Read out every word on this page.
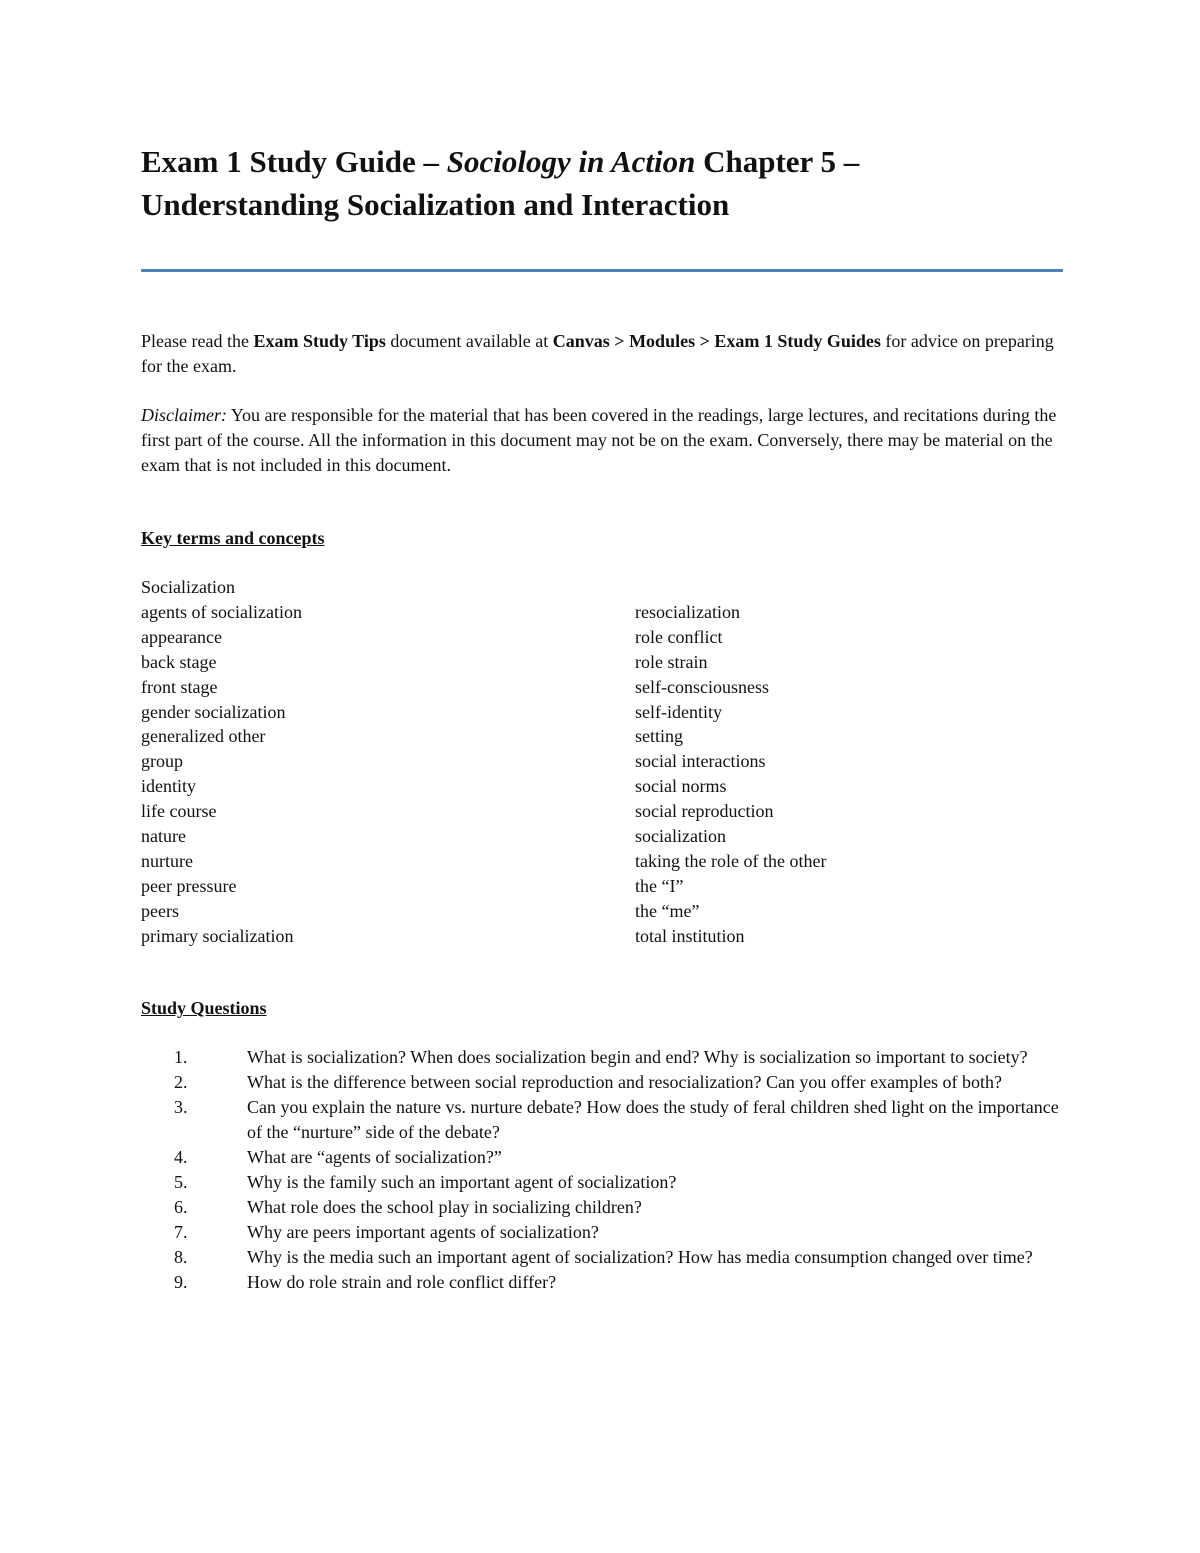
Exam 1 Study Guide – Sociology in Action Chapter 5 – Understanding Socialization and Interaction

Please read the Exam Study Tips document available at Canvas > Modules > Exam 1 Study Guides for advice on preparing for the exam.

Disclaimer: You are responsible for the material that has been covered in the readings, large lectures, and recitations during the first part of the course. All the information in this document may not be on the exam. Conversely, there may be material on the exam that is not included in this document.

Key terms and concepts
Socialization
agents of socialization
appearance
back stage
front stage
gender socialization
generalized other
group
identity
life course
nature
nurture
peer pressure
peers
primary socialization
resocialization
role conflict
role strain
self-consciousness
self-identity
setting
social interactions
social norms
social reproduction
socialization
taking the role of the other
the “I”
the “me”
total institution
Study Questions
1.	What is socialization? When does socialization begin and end? Why is socialization so important to society?
2.	What is the difference between social reproduction and resocialization? Can you offer examples of both?
3.	Can you explain the nature vs. nurture debate? How does the study of feral children shed light on the importance of the “nurture” side of the debate?
4.	What are “agents of socialization?”
5.	Why is the family such an important agent of socialization?
6.	What role does the school play in socializing children?
7.	Why are peers important agents of socialization?
8.	Why is the media such an important agent of socialization? How has media consumption changed over time?
9.	How do role strain and role conflict differ?
